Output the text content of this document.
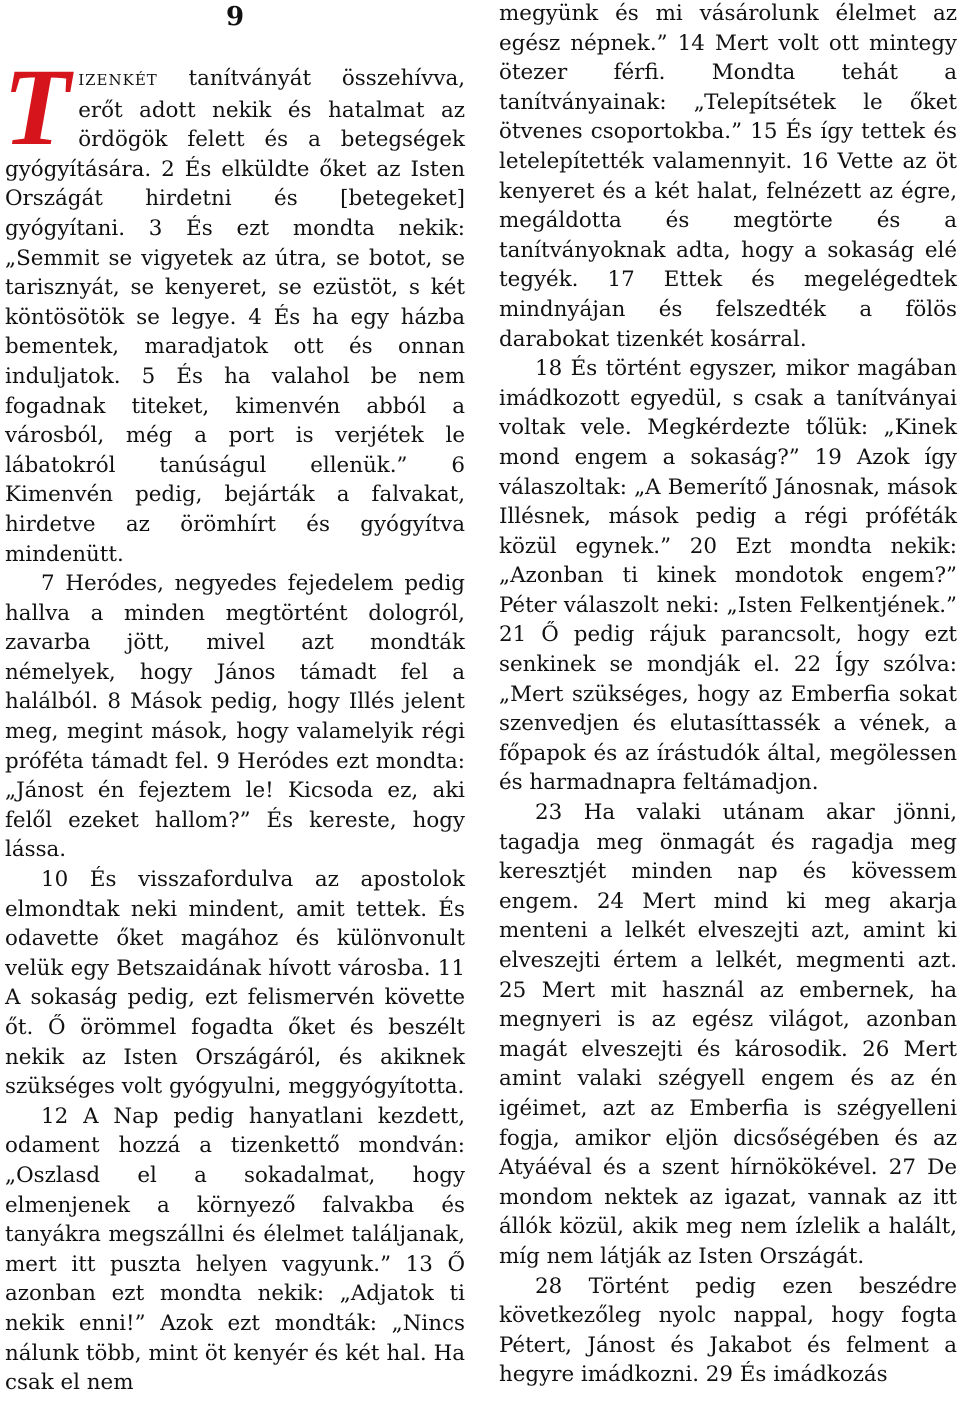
9

TIZENKÉT tanítványát összehívva, erőt adott nekik és hatalmat az ördögök felett és a betegségek gyógyítására. 2 És elküldte őket az Isten Országát hirdetni és [betegeket] gyógyítani. 3 És ezt mondta nekik: „Semmit se vigyetek az útra, se botot, se tarisznyát, se kenyeret, se ezüstöt, s két köntösötök se legye. 4 És ha egy házba bementek, maradjatok ott és onnan induljatok. 5 És ha valahol be nem fogadnak titeket, kimenvén abból a városból, még a port is verjétek le lábatokról tanúságul ellenük.” 6 Kimenvén pedig, bejárták a falvakat, hirdetve az örömhírt és gyógyítva mindenütt.

7 Heródes, negyedes fejedelem pedig hallva a minden megtörtént dologról, zavarba jött, mivel azt mondták némelyek, hogy János támadt fel a halálból. 8 Mások pedig, hogy Illés jelent meg, megint mások, hogy valamelyik régi próféta támadt fel. 9 Heródes ezt mondta: „Jánost én fejeztem le! Kicsoda ez, aki felől ezeket hallom?” És kereste, hogy lássa.

10 És visszafordulva az apostolok elmondtak neki mindent, amit tettek. És odavette őket magához és különvonult velük egy Betszaidának hívott városba. 11 A sokaság pedig, ezt felismervén követte őt. Ő örömmel fogadta őket és beszélt nekik az Isten Országáról, és akiknek szükséges volt gyógyulni, meggyógyította.

12 A Nap pedig hanyatlani kezdett, odament hozzá a tizenkettő mondván: „Oszlasd el a sokadalmat, hogy elmenjenek a környező falvakba és tanyákra megszállni és élelmet találjanak, mert itt puszta helyen vagyunk.” 13 Ő azonban ezt mondta nekik: „Adjatok ti nekik enni!” Azok ezt mondták: „Nincs nálunk több, mint öt kenyér és két hal. Ha csak el nem

megyünk és mi vásárolunk élelmet az egész népnek.” 14 Mert volt ott mintegy ötezer férfi. Mondta tehát a tanítványainak: „Telepítsétek le őket ötvenes csoportokba.” 15 És így tettek és letelepítették valamennyit. 16 Vette az öt kenyeret és a két halat, felnézett az égre, megáldotta és megtörte és a tanítványoknak adta, hogy a sokaság elé tegyék. 17 Ettek és megelégedtek mindnyájan és felszedték a fölös darabokat tizenkét kosárral.

18 És történt egyszer, mikor magában imádkozott egyedül, s csak a tanítványai voltak vele. Megkérdezte tőlük: „Kinek mond engem a sokaság?” 19 Azok így válaszoltak: „A Bemerítő Jánosnak, mások Illésnek, mások pedig a régi próféták közül egynek.” 20 Ezt mondta nekik: „Azonban ti kinek mondotok engem?” Péter válaszolt neki: „Isten Felkentjének.” 21 Ő pedig rájuk parancsolt, hogy ezt senkinek se mondják el. 22 Így szólva: „Mert szükséges, hogy az Emberfia sokat szenvedjen és elutasíttassék a vének, a főpapok és az írástudók által, megölessen és harmadnapra feltámadjon.

23 Ha valaki utánam akar jönni, tagadja meg önmagát és ragadja meg keresztjét minden nap és kövessem engem. 24 Mert mind ki meg akarja menteni a lelkét elveszejti azt, amint ki elveszejti értem a lelkét, megmenti azt. 25 Mert mit használ az embernek, ha megnyeri is az egész világot, azonban magát elveszejti és károsodik. 26 Mert amint valaki szégyell engem és az én igéimet, azt az Emberfia is szégyelleni fogja, amikor eljön dicsőségében és az Atyáéval és a szent hírnökökével. 27 De mondom nektek az igazat, vannak az itt állók közül, akik meg nem ízlelik a halált, míg nem látják az Isten Országát.

28 Történt pedig ezen beszédre következőleg nyolc nappal, hogy fogta Pétert, Jánost és Jakabot és felment a hegyre imádkozni. 29 És imádkozás
